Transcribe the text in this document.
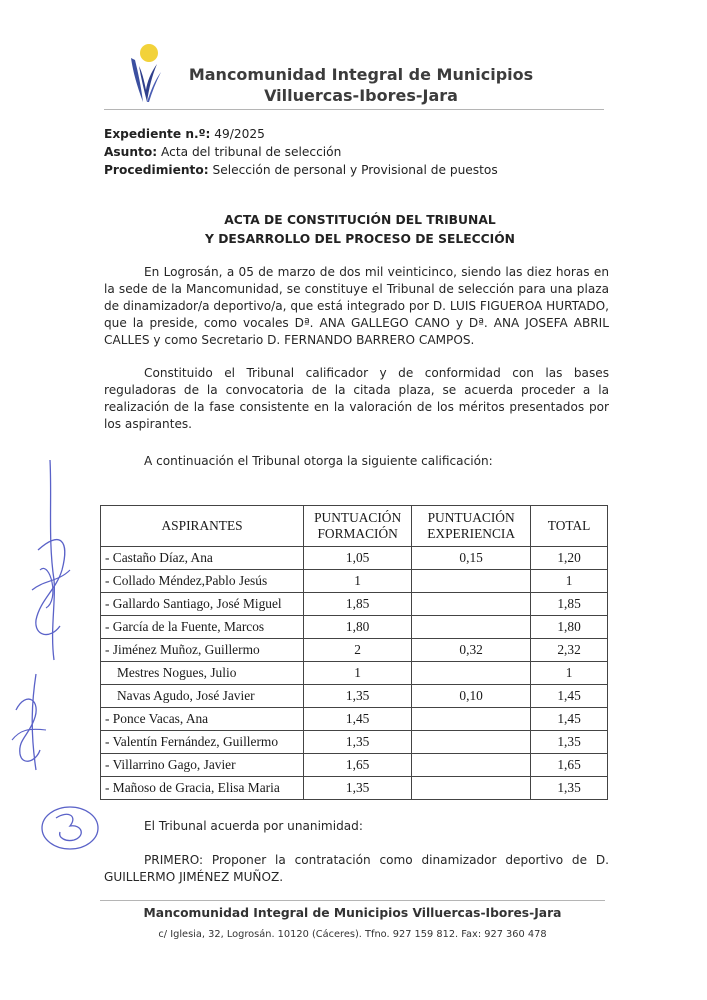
Mancomunidad Integral de Municipios
Villuercas-Ibores-Jara
Expediente n.º: 49/2025
Asunto: Acta del tribunal de selección
Procedimiento: Selección de personal y Provisional de puestos
ACTA DE CONSTITUCIÓN DEL TRIBUNAL
Y DESARROLLO DEL PROCESO DE SELECCIÓN
En Logrosán, a 05 de marzo de dos mil veinticinco, siendo las diez horas en la sede de la Mancomunidad, se constituye el Tribunal de selección para una plaza de dinamizador/a deportivo/a, que está integrado por D. LUIS FIGUEROA HURTADO, que la preside, como vocales Dª. ANA GALLEGO CANO y Dª. ANA JOSEFA ABRIL CALLES y como Secretario D. FERNANDO BARRERO CAMPOS.
Constituido el Tribunal calificador y de conformidad con las bases reguladoras de la convocatoria de la citada plaza, se acuerda proceder a la realización de la fase consistente en la valoración de los méritos presentados por los aspirantes.
A continuación el Tribunal otorga la siguiente calificación:
ASPIRANTES	PUNTUACIÓN FORMACIÓN	PUNTUACIÓN EXPERIENCIA	TOTAL
- Castaño Díaz, Ana	1,05	0,15	1,20
- Collado Méndez,Pablo Jesús	1		1
- Gallardo Santiago, José Miguel	1,85		1,85
- García de la Fuente, Marcos	1,80		1,80
- Jiménez Muñoz, Guillermo	2	0,32	2,32
Mestres Nogues, Julio	1		1
Navas Agudo, José Javier	1,35	0,10	1,45
- Ponce Vacas, Ana	1,45		1,45
- Valentín Fernández, Guillermo	1,35		1,35
- Villarrino Gago, Javier	1,65		1,65
- Mañoso de Gracia, Elisa Maria	1,35		1,35
El Tribunal acuerda por unanimidad:
PRIMERO: Proponer la contratación como dinamizador deportivo de D. GUILLERMO JIMÉNEZ MUÑOZ.
Mancomunidad Integral de Municipios Villuercas-Ibores-Jara
c/ Iglesia, 32, Logrosán. 10120 (Cáceres). Tfno. 927 159 812. Fax: 927 360 478
